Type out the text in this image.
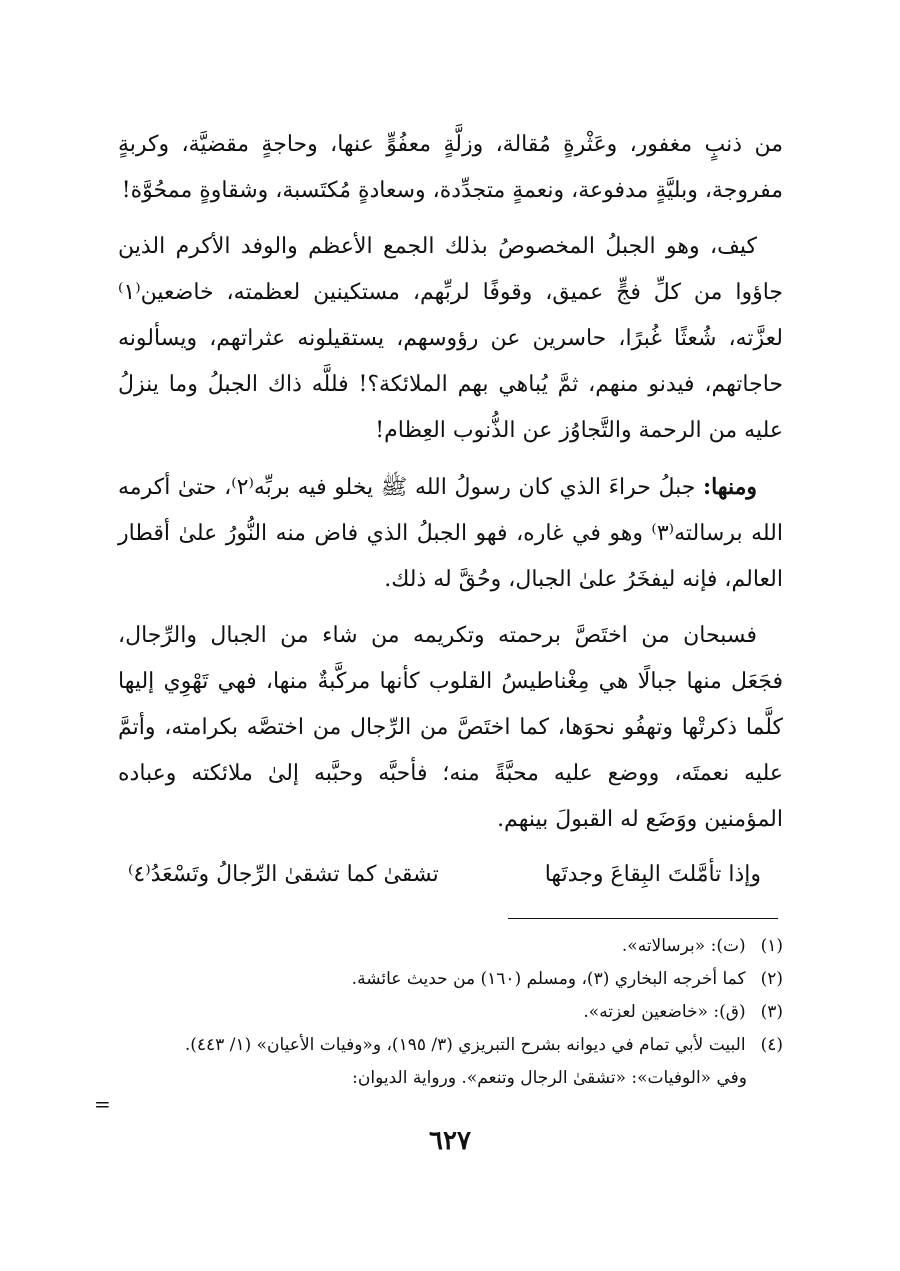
من ذنبٍ مغفور، وعَثْرةٍ مُقالة، وزلَّةٍ معفُوٍّ عنها، وحاجةٍ مقضيَّة، وكربةٍ مفروجة، وبليَّةٍ مدفوعة، ونعمةٍ متجدِّدة، وسعادةٍ مُكتَسبة، وشقاوةٍ ممحُوَّة!

كيف، وهو الجبلُ المخصوصُ بذلك الجمع الأعظم والوفد الأكرم الذين جاؤوا من كلِّ فجٍّ عميق، وقوفًا لربِّهم، مستكينين لعظمته، خاضعين⁽١⁾ لعزَّته، شُعثًا غُبرًا، حاسرين عن رؤوسهم، يستقيلونه عثراتهم، ويسألونه حاجاتهم، فيدنو منهم، ثمَّ يُباهي بهم الملائكة؟! فللَّه ذاك الجبلُ وما ينزلُ عليه من الرحمة والتَّجاوُز عن الذُّنوب العِظام!

ومنها: جبلُ حراءَ الذي كان رسولُ الله ﷺ يخلو فيه بربِّه⁽٢⁾، حتىٰ أكرمه الله برسالته⁽٣⁾ وهو في غاره، فهو الجبلُ الذي فاض منه النُّورُ علىٰ أقطار العالم، فإنه ليفخَرُ علىٰ الجبال، وحُقَّ له ذلك.

فسبحان من اختَصَّ برحمته وتكريمه من شاء من الجبال والرِّجال، فجَعَل منها جبالًا هي مِغْناطيسُ القلوب كأنها مركَّبةٌ منها، فهي تَهْوِي إليها كلَّما ذكرتْها وتهفُو نحوَها، كما اختَصَّ من الرِّجال من اختصَّه بكرامته، وأتمَّ عليه نعمتَه، ووضع عليه محبَّةً منه؛ فأحبَّه وحبَّبه إلىٰ ملائكته وعباده المؤمنين ووَضَع له القبولَ بينهم.

وإذا تأمَّلتَ البِقاعَ وجدتَها
تشقىٰ كما تشقىٰ الرِّجالُ وتَسْعَدُ⁽٤⁾

(١) (ت): «برسالاته».

(٢) كما أخرجه البخاري (٣)، ومسلم (١٦٠) من حديث عائشة.

(٣) (ق): «خاضعين لعزته».

(٤) البيت لأبي تمام في ديوانه بشرح التبريزي (٣/ ١٩٥)، و«وفيات الأعيان» (١/ ٤٤٣).

وفي «الوفيات»: «تشقىٰ الرجال وتنعم». ورواية الديوان:

=
٦٢٧
